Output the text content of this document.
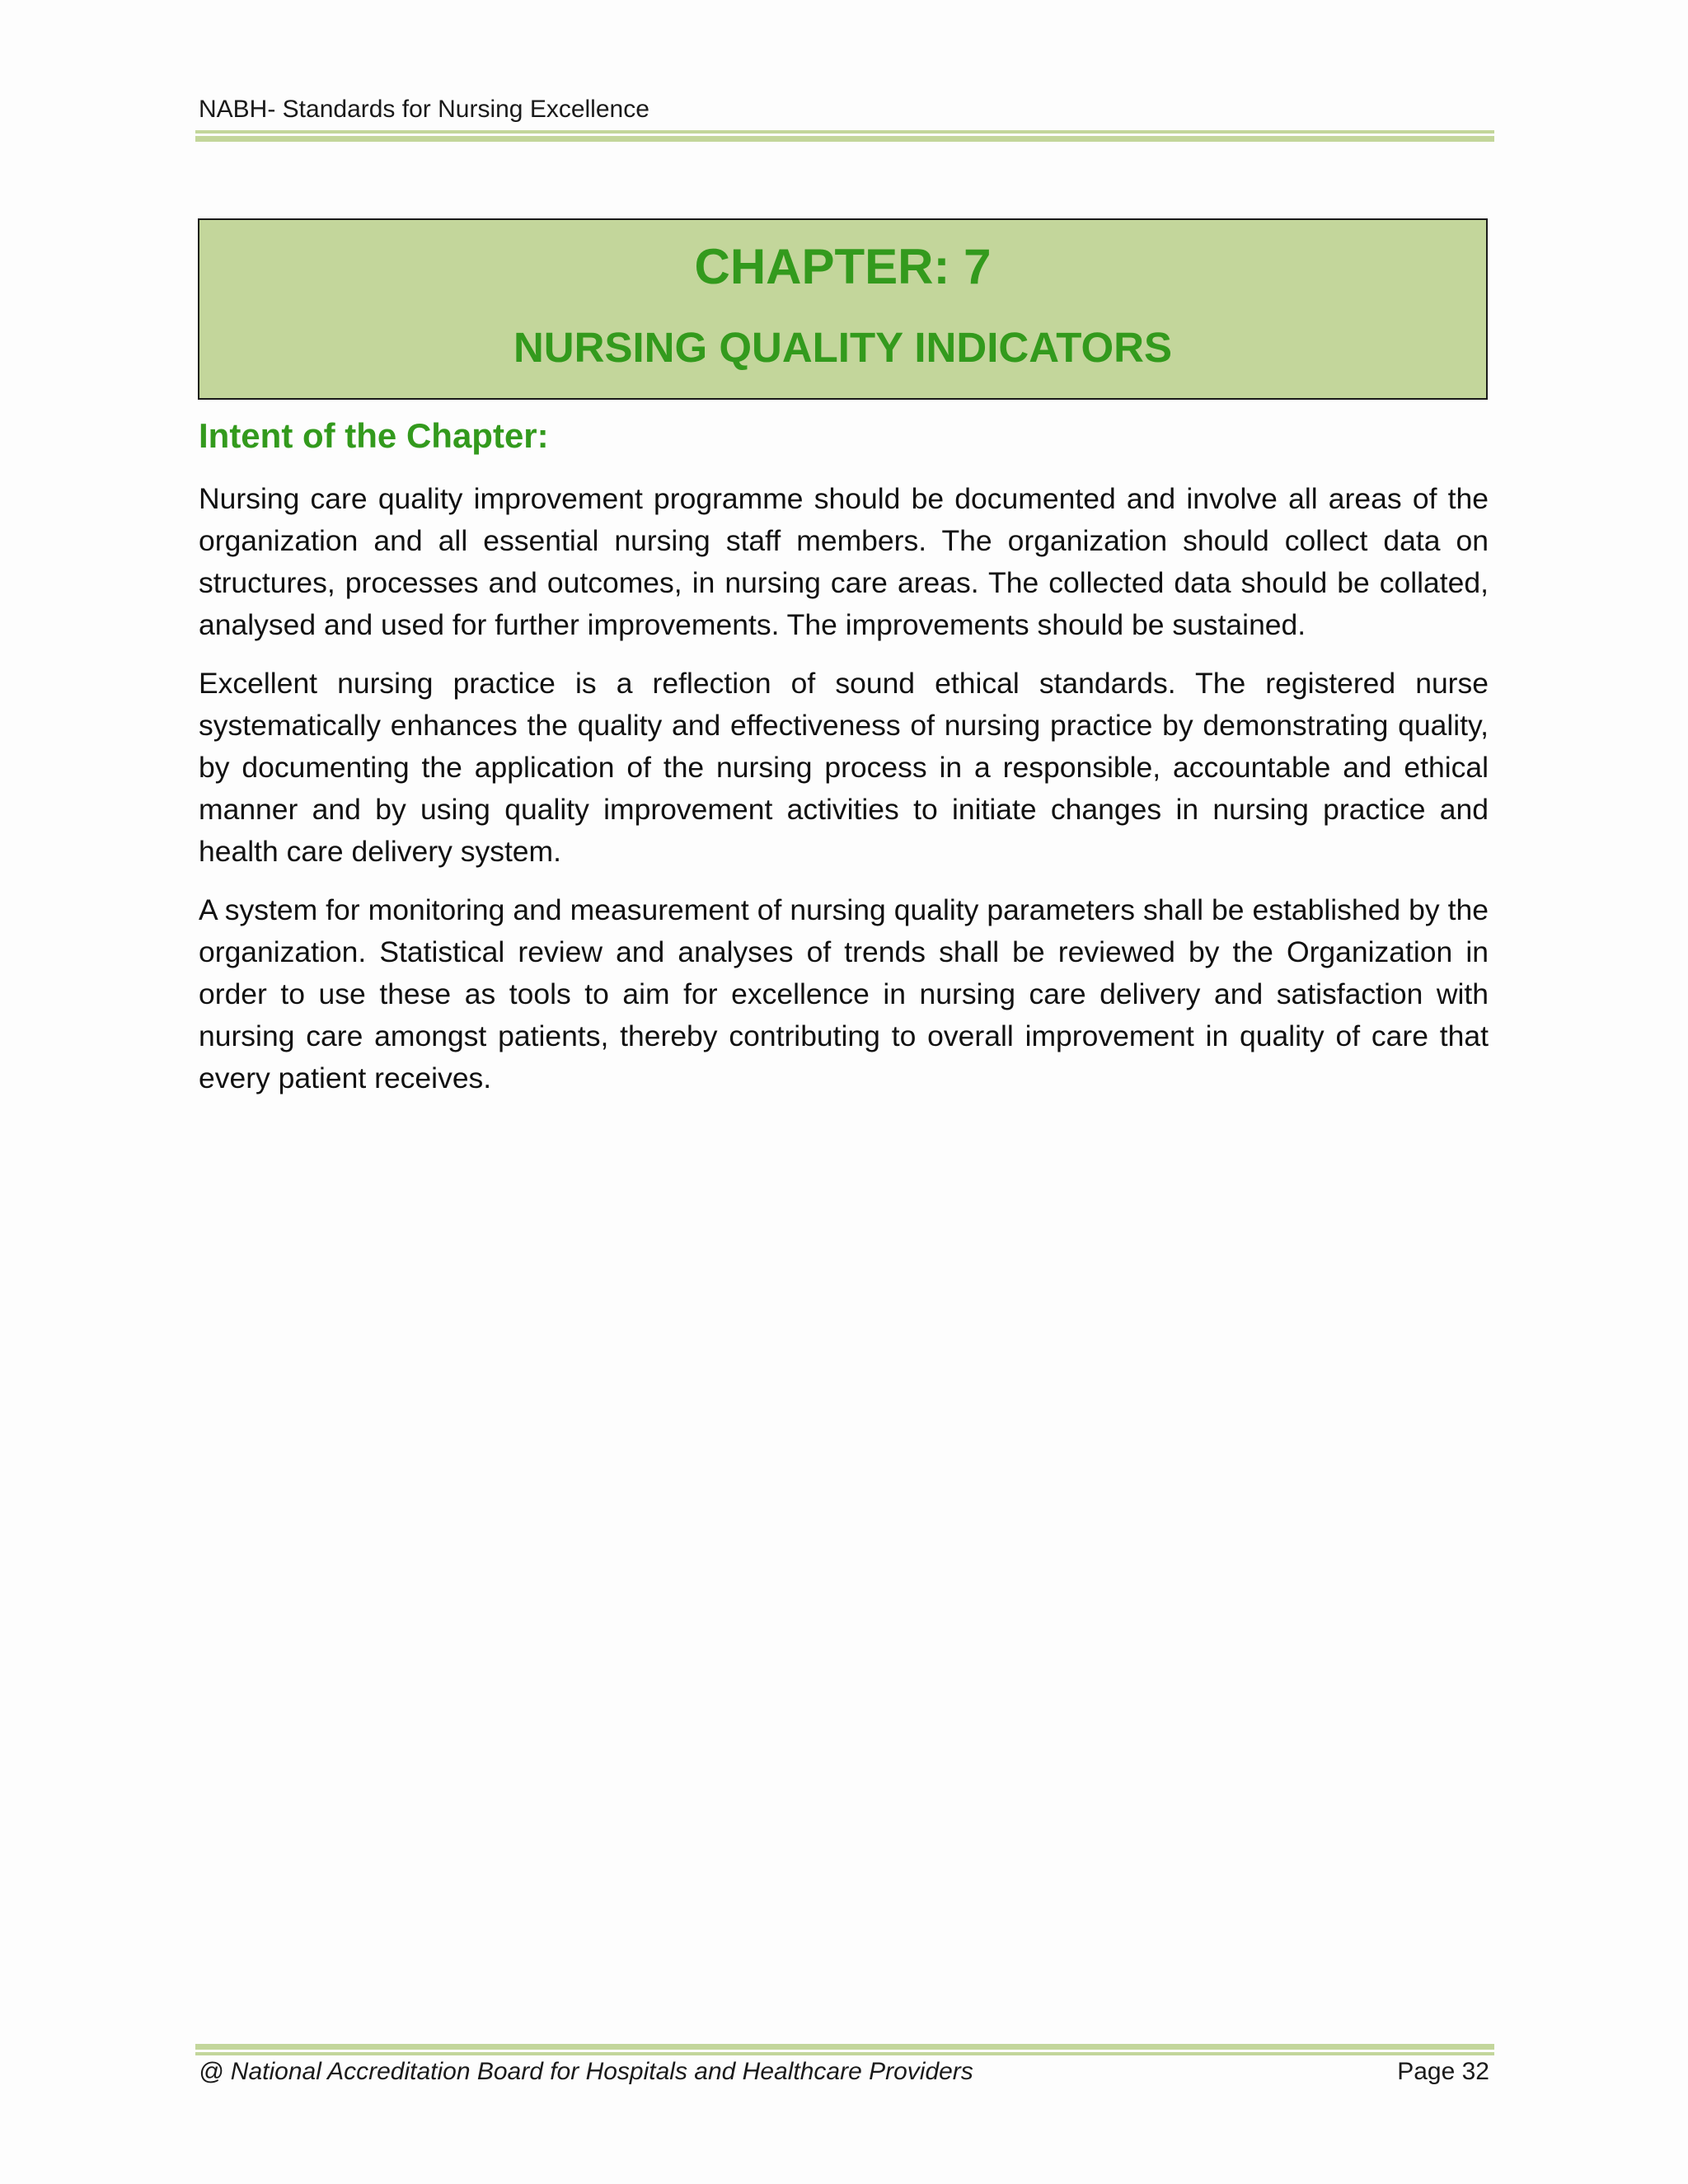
NABH- Standards for Nursing Excellence
CHAPTER: 7
NURSING QUALITY INDICATORS
Intent of the Chapter:

Nursing care quality improvement programme should be documented and involve all areas of the organization and all essential nursing staff members. The organization should collect data on structures, processes and outcomes, in nursing care areas. The collected data should be collated, analysed and used for further improvements. The improvements should be sustained.

Excellent nursing practice is a reflection of sound ethical standards. The registered nurse systematically enhances the quality and effectiveness of nursing practice by demonstrating quality, by documenting the application of the nursing process in a responsible, accountable and ethical manner and by using quality improvement activities to initiate changes in nursing practice and health care delivery system.

A system for monitoring and measurement of nursing quality parameters shall be established by the organization. Statistical review and analyses of trends shall be reviewed by the Organization in order to use these as tools to aim for excellence in nursing care delivery and satisfaction with nursing care amongst patients, thereby contributing to overall improvement in quality of care that every patient receives.

@ National Accreditation Board for Hospitals and Healthcare Providers	Page 32
